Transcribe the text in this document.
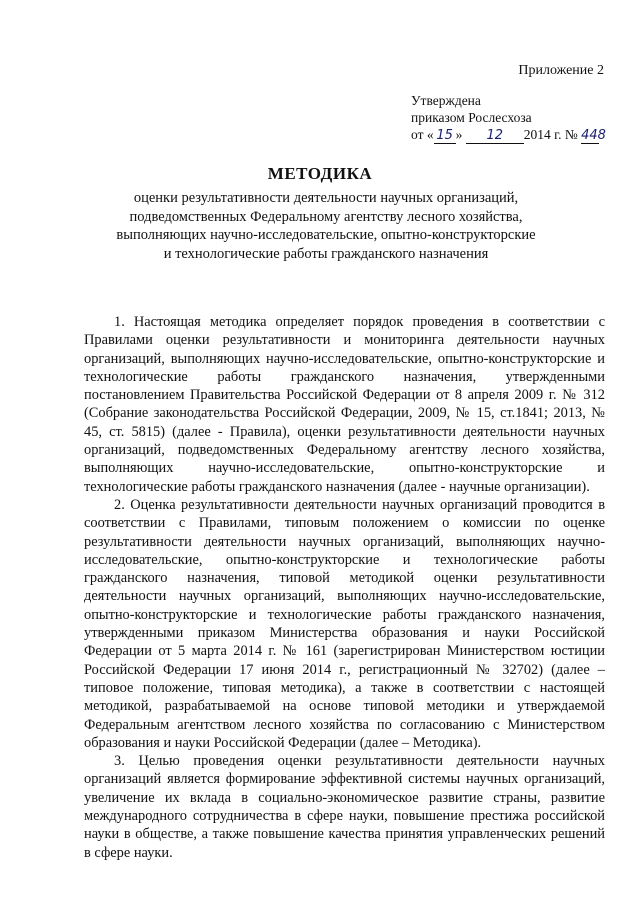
Приложение 2
Утверждена
приказом Рослесхоза
от « 15 » 12 2014 г. № 448
МЕТОДИКА
оценки результативности деятельности научных организаций,
подведомственных Федеральному агентству лесного хозяйства,
выполняющих научно-исследовательские, опытно-конструкторские
и технологические работы гражданского назначения

1. Настоящая методика определяет порядок проведения в соответствии с Правилами оценки результативности и мониторинга деятельности научных организаций, выполняющих научно-исследовательские, опытно-конструкторские и технологические работы гражданского назначения, утвержденными постановлением Правительства Российской Федерации от 8 апреля 2009 г. № 312 (Собрание законодательства Российской Федерации, 2009, № 15, ст.1841; 2013, № 45, ст. 5815) (далее - Правила), оценки результативности деятельности научных организаций, подведомственных Федеральному агентству лесного хозяйства, выполняющих научно-исследовательские, опытно-конструкторские и технологические работы гражданского назначения (далее - научные организации).

2. Оценка результативности деятельности научных организаций проводится в соответствии с Правилами, типовым положением о комиссии по оценке результативности деятельности научных организаций, выполняющих научно-исследовательские, опытно-конструкторские и технологические работы гражданского назначения, типовой методикой оценки результативности деятельности научных организаций, выполняющих научно-исследовательские, опытно-конструкторские и технологические работы гражданского назначения, утвержденными приказом Министерства образования и науки Российской Федерации от 5 марта 2014 г. № 161 (зарегистрирован Министерством юстиции Российской Федерации 17 июня 2014 г., регистрационный № 32702) (далее – типовое положение, типовая методика), а также в соответствии с настоящей методикой, разрабатываемой на основе типовой методики и утверждаемой Федеральным агентством лесного хозяйства по согласованию с Министерством образования и науки Российской Федерации (далее – Методика).

3. Целью проведения оценки результативности деятельности научных организаций является формирование эффективной системы научных организаций, увеличение их вклада в социально-экономическое развитие страны, развитие международного сотрудничества в сфере науки, повышение престижа российской науки в обществе, а также повышение качества принятия управленческих решений в сфере науки.
